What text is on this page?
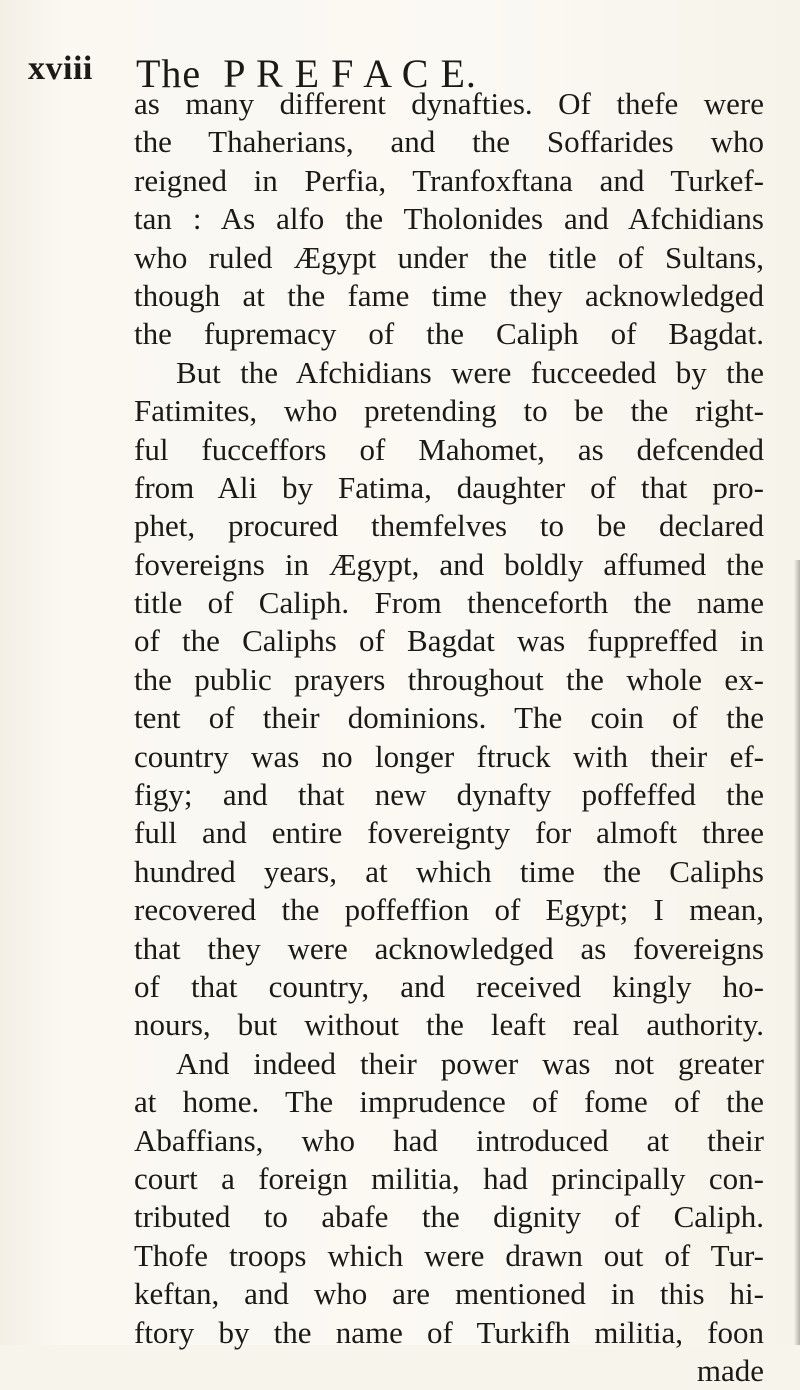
xviii The  P R E F A C E.
as many different dynafties. Of thefe were
the Thaherians, and the Soffarides who
reigned in Perfia, Tranfoxftana and Turkef-
tan : As alfo the Tholonides and Afchidians
who ruled Ægypt under the title of Sultans,
though at the fame time they acknowledged
the fupremacy of the Caliph of Bagdat.
But the Afchidians were fucceeded by the
Fatimites, who pretending to be the right-
ful fucceffors of Mahomet, as defcended
from Ali by Fatima, daughter of that pro-
phet, procured themfelves to be declared
fovereigns in Ægypt, and boldly affumed the
title of Caliph. From thenceforth the name
of the Caliphs of Bagdat was fuppreffed in
the public prayers throughout the whole ex-
tent of their dominions. The coin of the
country was no longer ftruck with their ef-
figy; and that new dynafty poffeffed the
full and entire fovereignty for almoft three
hundred years, at which time the Caliphs
recovered the poffeffion of Egypt; I mean,
that they were acknowledged as fovereigns
of that country, and received kingly ho-
nours, but without the leaft real authority.
And indeed their power was not greater
at home. The imprudence of fome of the
Abaffians, who had introduced at their
court a foreign militia, had principally con-
tributed to abafe the dignity of Caliph.
Thofe troops which were drawn out of Tur-
keftan, and who are mentioned in this hi-
ftory by the name of Turkifh militia, foon
made
